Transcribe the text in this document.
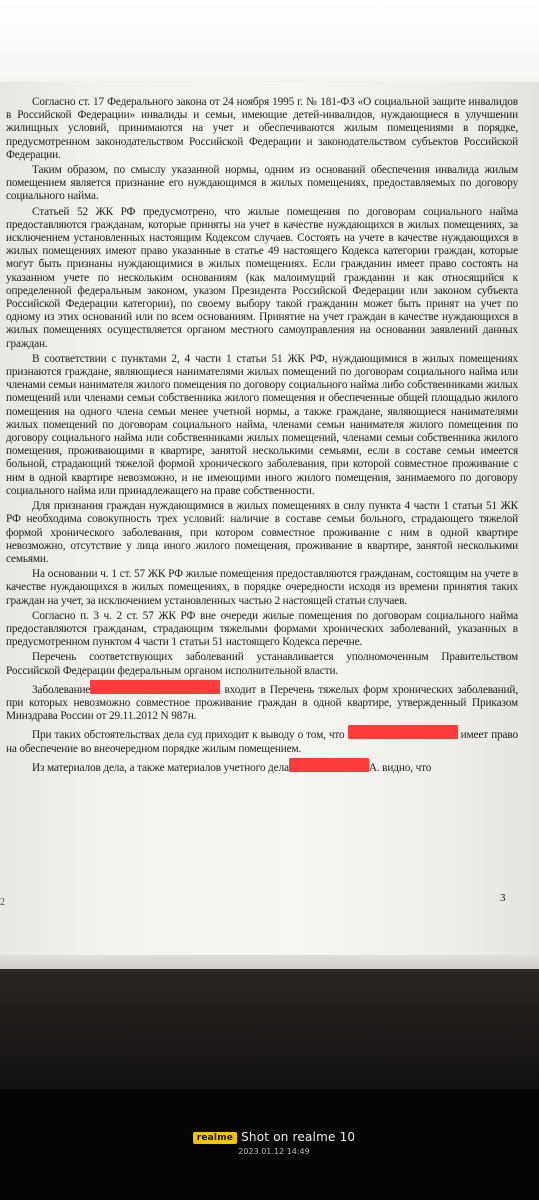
Согласно ст. 17 Федерального закона от 24 ноября 1995 г. № 181-ФЗ «О социальной защите инвалидов в Российской Федерации» инвалиды и семьи, имеющие детей-инвалидов, нуждающиеся в улучшении жилищных условий, принимаются на учет и обеспечиваются жилым помещениями в порядке, предусмотренном законодательством Российской Федерации и законодательством субъектов Российской Федерации.

Таким образом, по смыслу указанной нормы, одним из оснований обеспечения инвалида жилым помещением является признание его нуждающимся в жилых помещениях, предоставляемых по договору социального найма.

Статьей 52 ЖК РФ предусмотрено, что жилые помещения по договорам социального найма предоставляются гражданам, которые приняты на учет в качестве нуждающихся в жилых помещениях, за исключением установленных настоящим Кодексом случаев. Состоять на учете в качестве нуждающихся в жилых помещениях имеют право указанные в статье 49 настоящего Кодекса категории граждан, которые могут быть признаны нуждающимися в жилых помещениях. Если гражданин имеет право состоять на указанном учете по нескольким основаниям (как малоимущий гражданин и как относящийся к определенной федеральным законом, указом Президента Российской Федерации или законом субъекта Российской Федерации категории), по своему выбору такой гражданин может быть принят на учет по одному из этих оснований или по всем основаниям. Принятие на учет граждан в качестве нуждающихся в жилых помещениях осуществляется органом местного самоуправления на основании заявлений данных граждан.

В соответствии с пунктами 2, 4 части 1 статьи 51 ЖК РФ, нуждающимися в жилых помещениях признаются граждане, являющиеся нанимателями жилых помещений по договорам социального найма или членами семьи нанимателя жилого помещения по договору социального найма либо собственниками жилых помещений или членами семьи собственника жилого помещения и обеспеченные общей площадью жилого помещения на одного члена семьи менее учетной нормы, а также граждане, являющиеся нанимателями жилых помещений по договорам социального найма, членами семьи нанимателя жилого помещения по договору социального найма или собственниками жилых помещений, членами семьи собственника жилого помещения, проживающими в квартире, занятой несколькими семьями, если в составе семьи имеется больной, страдающий тяжелой формой хронического заболевания, при которой совместное проживание с ним в одной квартире невозможно, и не имеющими иного жилого помещения, занимаемого по договору социального найма или принадлежащего на праве собственности.

Для признания граждан нуждающимися в жилых помещениях в силу пункта 4 части 1 статьи 51 ЖК РФ необходима совокупность трех условий: наличие в составе семьи больного, страдающего тяжелой формой хронического заболевания, при котором совместное проживание с ним в одной квартире невозможно, отсутствие у лица иного жилого помещения, проживание в квартире, занятой несколькими семьями.

На основании ч. 1 ст. 57 ЖК РФ жилые помещения предоставляются гражданам, состоящим на учете в качестве нуждающихся в жилых помещениях, в порядке очередности исходя из времени принятия таких граждан на учет, за исключением установленных частью 2 настоящей статьи случаев.

Согласно п. 3 ч. 2 ст. 57 ЖК РФ вне очереди жилые помещения по договорам социального найма предоставляются гражданам, страдающим тяжелыми формами хронических заболеваний, указанных в предусмотренном пунктом 4 части 1 статьи 51 настоящего Кодекса перечне.

Перечень соответствующих заболеваний устанавливается уполномоченным Правительством Российской Федерации федеральным органом исполнительной власти.

Заболевание	входит в Перечень тяжелых форм хронических заболеваний, при которых невозможно совместное проживание граждан в одной квартире, утвержденный Приказом Минздрава России от 29.11.2012 N 987н.

При таких обстоятельствах дела суд приходит к выводу о том, что	имеет право на обеспечение во внеочередном порядке жилым помещением.

Из материалов дела, а также материалов учетного дела	А. видно, что

3
2
realme Shot on realme 10
2023.01.12 14:49
